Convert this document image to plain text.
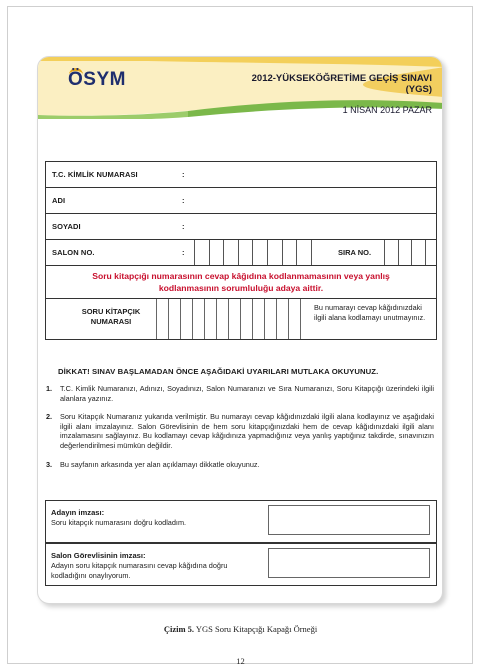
ÖSYM	2012-YÜKSEKÖĞRETİME GEÇİŞ SINAVI
(YGS)
1 NİSAN 2012 PAZAR
T.C. KİMLİK NUMARASI	:
ADI	:
SOYADI	:
SALON NO.	:	SIRA NO.
Soru kitapçığı numarasının cevap kâğıdına kodlanmamasının veya yanlış
kodlanmasının sorumluluğu adaya aittir.
SORU KİTAPÇIK
NUMARASI
Bu numarayı cevap kâğıdınızdaki ilgili alana kodlamayı unutmayınız.
DİKKAT! SINAV BAŞLAMADAN ÖNCE AŞAĞIDAKİ UYARILARI MUTLAKA OKUYUNUZ.
1.	T.C. Kimlik Numaranızı, Adınızı, Soyadınızı, Salon Numaranızı ve Sıra Numaranızı, Soru Kitapçığı üzerindeki ilgili alanlara yazınız.
2.	Soru Kitapçık Numaranız yukarıda verilmiştir. Bu numarayı cevap kâğıdınızdaki ilgili alana kodlayınız ve aşağıdaki ilgili alanı imzalayınız. Salon Görevlisinin de hem soru kitapçığınızdaki hem de cevap kâğıdınızdaki ilgili alanı imzalamasını sağlayınız. Bu kodlamayı cevap kâğıdınıza yapmadığınız veya yanlış yaptığınız takdirde, sınavınızın değerlendirilmesi mümkün değildir.
3.	Bu sayfanın arkasında yer alan açıklamayı dikkatle okuyunuz.
Adayın imzası:
Soru kitapçık numarasını doğru kodladım.
Salon Görevlisinin imzası:
Adayın soru kitapçık numarasını cevap kâğıdına doğru kodladığını onaylıyorum.
Çizim 5. YGS Soru Kitapçığı Kapağı Örneği
12
